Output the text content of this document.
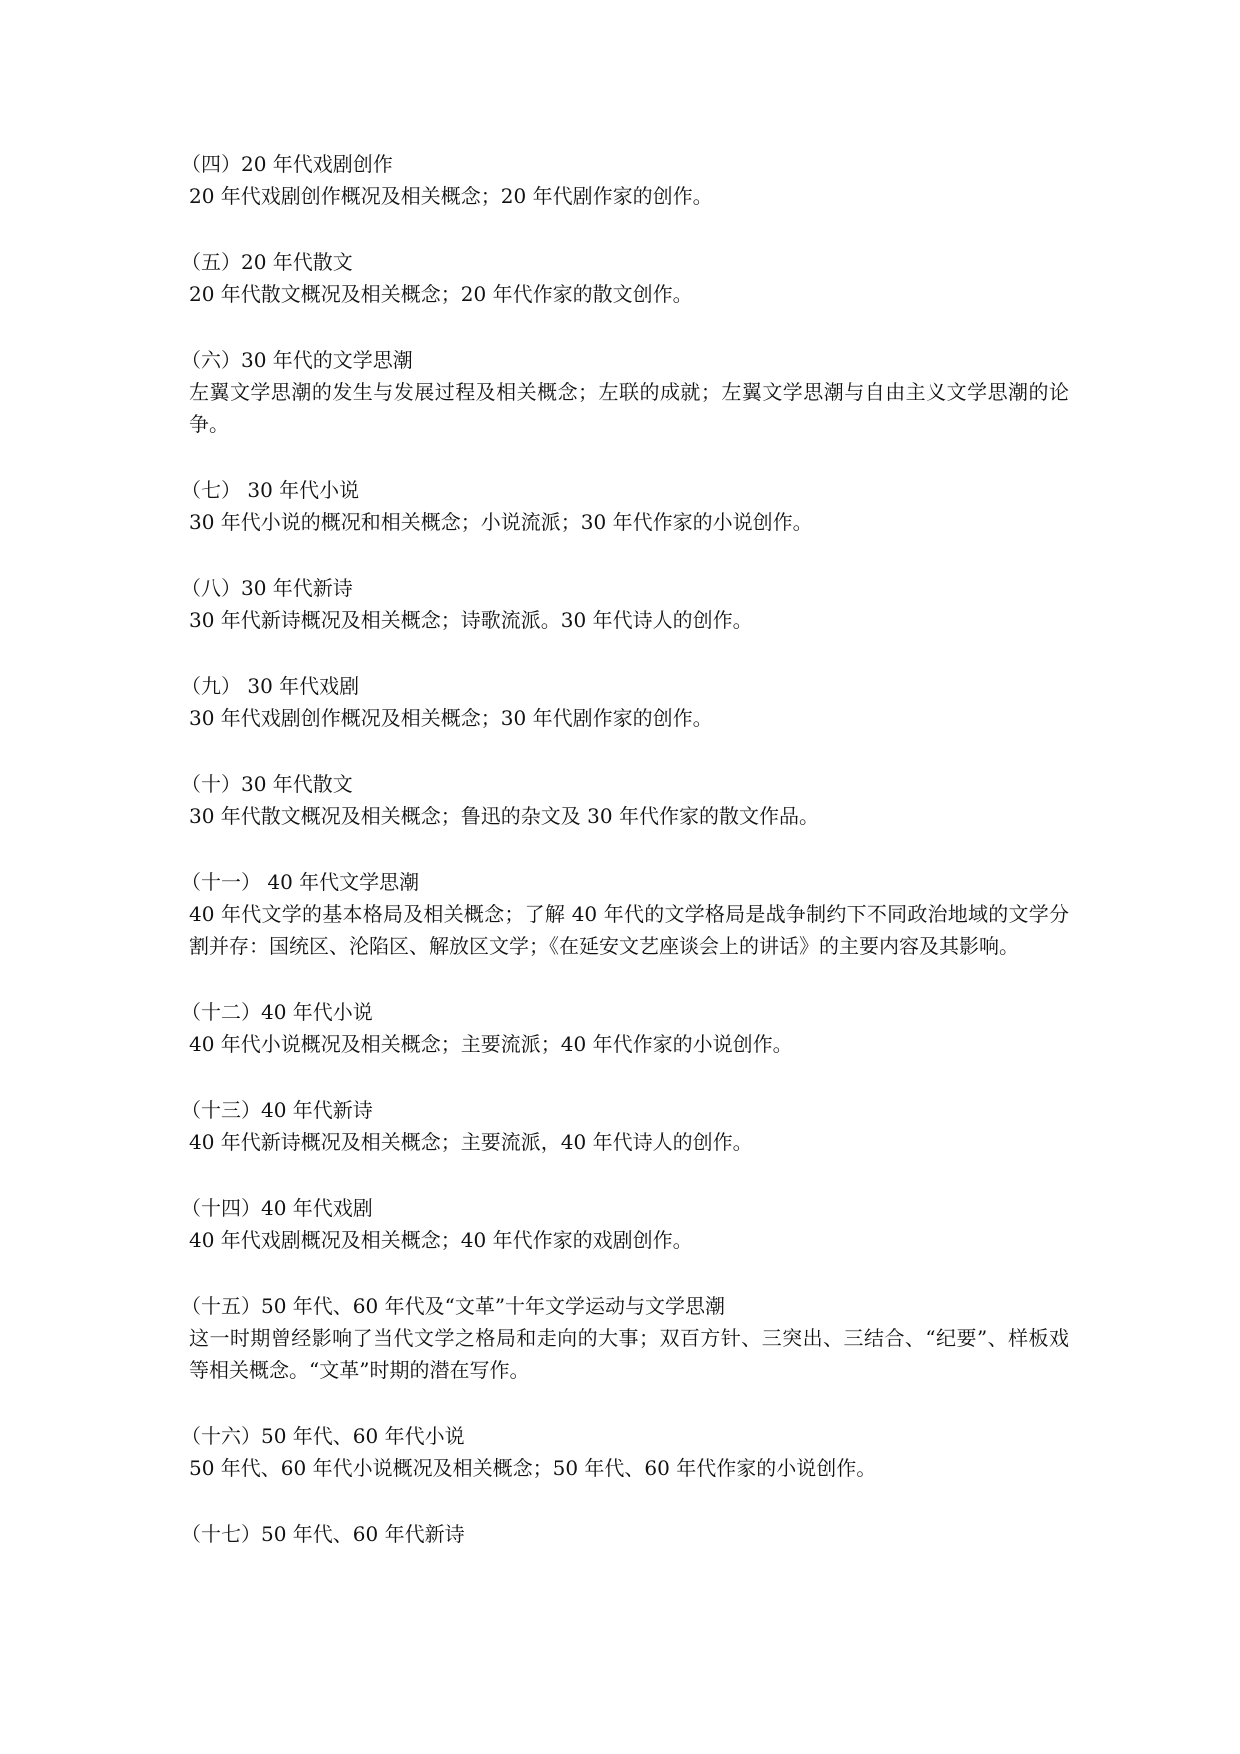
（四）20 年代戏剧创作
20 年代戏剧创作概况及相关概念；20 年代剧作家的创作。
（五）20 年代散文
20 年代散文概况及相关概念；20 年代作家的散文创作。
（六）30 年代的文学思潮
左翼文学思潮的发生与发展过程及相关概念；左联的成就；左翼文学思潮与自由主义文学思潮的论争。
（七） 30 年代小说
30 年代小说的概况和相关概念；小说流派；30 年代作家的小说创作。
（八）30 年代新诗
30 年代新诗概况及相关概念；诗歌流派。30 年代诗人的创作。
（九） 30 年代戏剧
30 年代戏剧创作概况及相关概念；30 年代剧作家的创作。
（十）30 年代散文
30 年代散文概况及相关概念；鲁迅的杂文及 30 年代作家的散文作品。
（十一） 40 年代文学思潮
40 年代文学的基本格局及相关概念；了解 40 年代的文学格局是战争制约下不同政治地域的文学分割并存：国统区、沦陷区、解放区文学；《在延安文艺座谈会上的讲话》的主要内容及其影响。
（十二）40 年代小说
40 年代小说概况及相关概念；主要流派；40 年代作家的小说创作。
（十三）40 年代新诗
40 年代新诗概况及相关概念；主要流派，40 年代诗人的创作。
（十四）40 年代戏剧
40 年代戏剧概况及相关概念；40 年代作家的戏剧创作。
（十五）50 年代、60 年代及“文革”十年文学运动与文学思潮
这一时期曾经影响了当代文学之格局和走向的大事；双百方针、三突出、三结合、“纪要”、样板戏等相关概念。“文革”时期的潜在写作。
（十六）50 年代、60 年代小说
50 年代、60 年代小说概况及相关概念；50 年代、60 年代作家的小说创作。
（十七）50 年代、60 年代新诗
